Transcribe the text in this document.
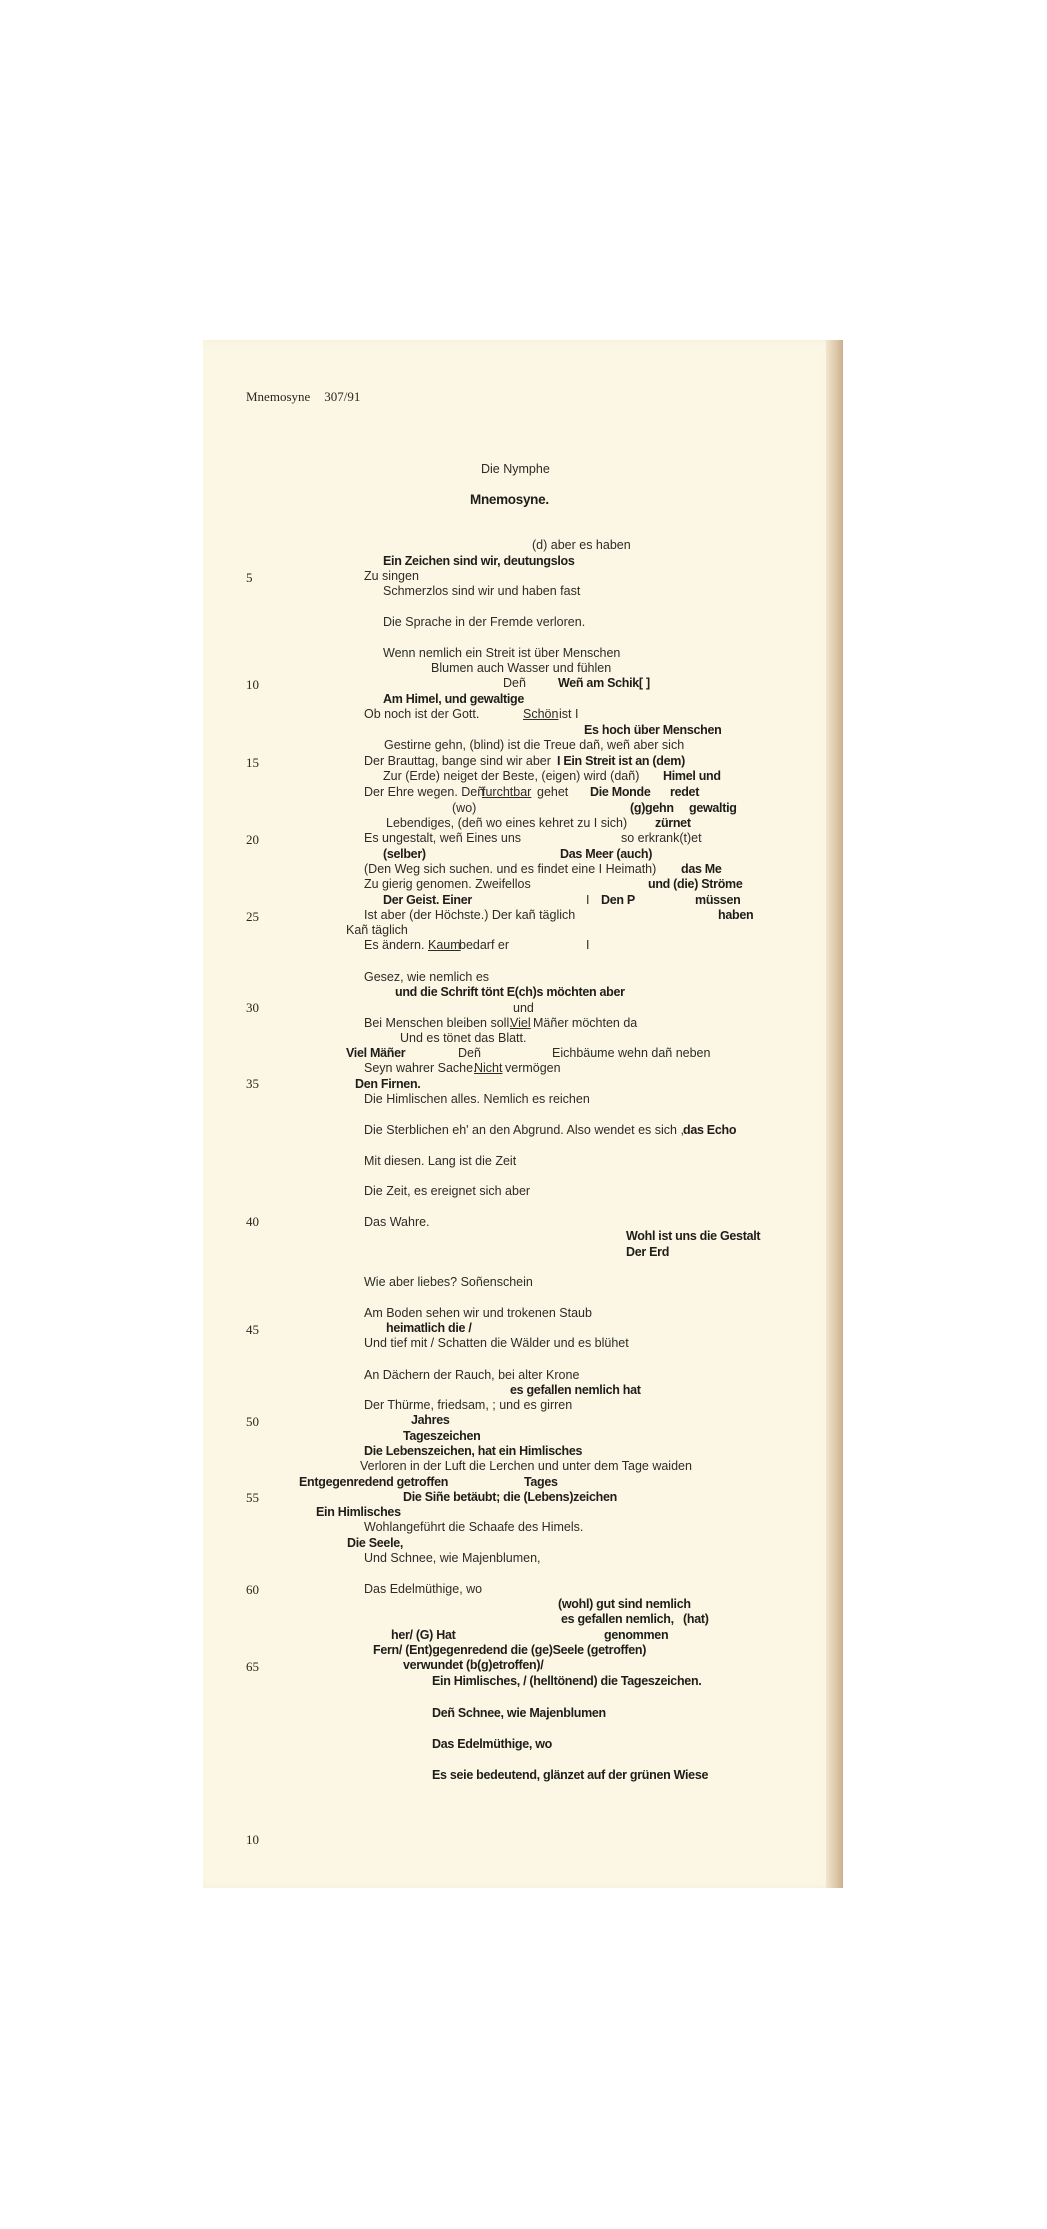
Mnemosyne 307/91
Die Nymphe
Mnemosyne.
5
10
15
20
25
30
35
40
45
50
55
60
65
(d) aber es haben
Ein Zeichen sind wir, deutungslos
Zu singen
Schmerzlos sind wir und haben fast
Die Sprache in der Fremde verloren.
Wenn nemlich ein Streit ist über Menschen
Blumen auch Wasser und fühlen
Deñ	Weñ am Schik[ ]
Am Himel, und gewaltige
Ob noch ist der Gott.	Schön ist I
Es hoch über Menschen
Gestirne gehn, (blind) ist die Treue dañ, weñ aber sich
Der Brauttag, bange sind wir aber I Ein Streit ist an (dem)
Zur (Erde) neiget der Beste, (eigen) wird (dañ) Himel und
Der Ehre wegen. Deñ
furchtbar gehet Die Monde redet
(wo)	(g)gehn gewaltig
Lebendiges, (deñ wo eines kehret zu I sich) zürnet
Es ungestalt, weñ Eines uns	so erkrank(t)et
(selber)	Das Meer (auch)
(Den Weg sich suchen. und es findet eine I Heimath) das Me
Zu gierig genomen. Zweifellos	und (die) Ströme
Der Geist. Einer	I Den P	müssen
Ist aber (der Höchste.) Der kañ täglich	haben
Kañ täglich
Es ändern. Kaum
bedarf er	I
Gesez, wie nemlich es
und die Schrift tönt E(ch)s möchten aber
und
Bei Menschen bleiben soll.
Viel Mäñer möchten da
Und es tönet das Blatt.
Viel Mäñer	Deñ	Eichbäume wehn dañ neben
Seyn wahrer Sache.
Nicht vermögen
Den Firnen.
Die Himlischen alles. Nemlich es reichen
Die Sterblichen eh' an den Abgrund. Also wendet es sich , das Echo
Mit diesen. Lang ist die Zeit
Die Zeit, es ereignet sich aber
Das Wahre.
Wohl ist uns die Gestalt
Der Erd
Wie aber liebes? Soñenschein
Am Boden sehen wir und trokenen Staub
heimatlich die /
Und tief mit / Schatten die Wälder und es blühet
An Dächern der Rauch, bei alter Krone
es gefallen nemlich hat
Der Thürme, friedsam, ; und es girren
Jahres
Tageszeichen
Die Lebenszeichen, hat ein Himlisches
Verloren in der Luft die Lerchen und unter dem Tage waiden
Entgegenredend getroffen	Tages
Die Siñe betäubt; die (Lebens)zeichen
Ein Himlisches
Wohlangeführt die Schaafe des Himels.
Die Seele,
Und Schnee, wie Majenblumen,
Das Edelmüthige, wo
(wohl) gut sind nemlich
es gefallen nemlich, (hat)
genommen
her/ (G) Hat
Fern/ (Ent)gegenredend die (ge)Seele (getroffen)
verwundet (b(g)etroffen)/
Ein Himlisches, / (helltönend) die Tageszeichen.
Deñ Schnee, wie Majenblumen
Das Edelmüthige, wo
Es seie bedeutend, glänzet auf der grünen Wiese
10
